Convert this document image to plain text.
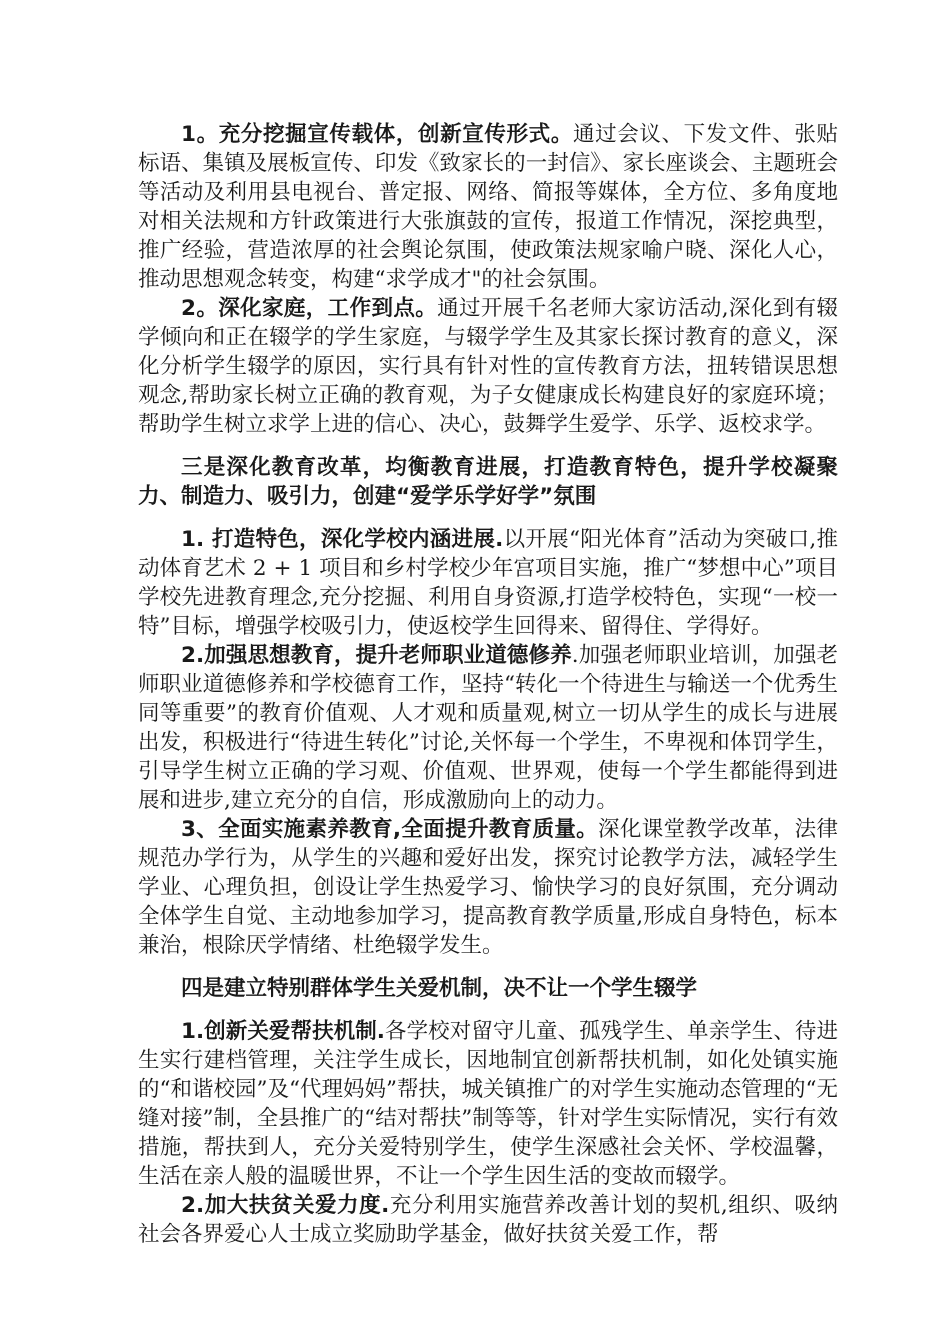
1。充分挖掘宣传载体，创新宣传形式。通过会议、下发文件、张贴标语、集镇及展板宣传、印发《致家长的一封信》、家长座谈会、主题班会等活动及利用县电视台、普定报、网络、简报等媒体，全方位、多角度地对相关法规和方针政策进行大张旗鼓的宣传，报道工作情况，深挖典型，推广经验，营造浓厚的社会舆论氛围，使政策法规家喻户晓、深化人心，推动思想观念转变，构建“求学成才"的社会氛围。

2。深化家庭，工作到点。通过开展千名老师大家访活动,深化到有辍学倾向和正在辍学的学生家庭，与辍学学生及其家长探讨教育的意义，深化分析学生辍学的原因，实行具有针对性的宣传教育方法，扭转错误思想观念,帮助家长树立正确的教育观，为子女健康成长构建良好的家庭环境；帮助学生树立求学上进的信心、决心，鼓舞学生爱学、乐学、返校求学。

三是深化教育改革，均衡教育进展，打造教育特色，提升学校凝聚力、制造力、吸引力，创建“爱学乐学好学”氛围

1. 打造特色，深化学校内涵进展.以开展“阳光体育”活动为突破口,推动体育艺术 2 + 1 项目和乡村学校少年宫项目实施，推广“梦想中心”项目学校先进教育理念,充分挖掘、利用自身资源,打造学校特色，实现“一校一特”目标，增强学校吸引力，使返校学生回得来、留得住、学得好。

2.加强思想教育，提升老师职业道德修养.加强老师职业培训，加强老师职业道德修养和学校德育工作，坚持“转化一个待进生与输送一个优秀生同等重要”的教育价值观、人才观和质量观,树立一切从学生的成长与进展出发，积极进行“待进生转化”讨论,关怀每一个学生，不卑视和体罚学生，引导学生树立正确的学习观、价值观、世界观，使每一个学生都能得到进展和进步,建立充分的自信，形成激励向上的动力。

3、全面实施素养教育,全面提升教育质量。深化课堂教学改革，法律规范办学行为，从学生的兴趣和爱好出发，探究讨论教学方法，减轻学生学业、心理负担，创设让学生热爱学习、愉快学习的良好氛围，充分调动全体学生自觉、主动地参加学习，提高教育教学质量,形成自身特色，标本兼治，根除厌学情绪、杜绝辍学发生。

四是建立特别群体学生关爱机制，决不让一个学生辍学

1.创新关爱帮扶机制.各学校对留守儿童、孤残学生、单亲学生、待进生实行建档管理，关注学生成长，因地制宜创新帮扶机制，如化处镇实施的“和谐校园”及“代理妈妈”帮扶，城关镇推广的对学生实施动态管理的“无缝对接”制，全县推广的“结对帮扶”制等等，针对学生实际情况，实行有效措施，帮扶到人，充分关爱特别学生，使学生深感社会关怀、学校温馨，生活在亲人般的温暖世界，不让一个学生因生活的变故而辍学。

2.加大扶贫关爱力度.充分利用实施营养改善计划的契机,组织、吸纳社会各界爱心人士成立奖励助学基金，做好扶贫关爱工作，帮
